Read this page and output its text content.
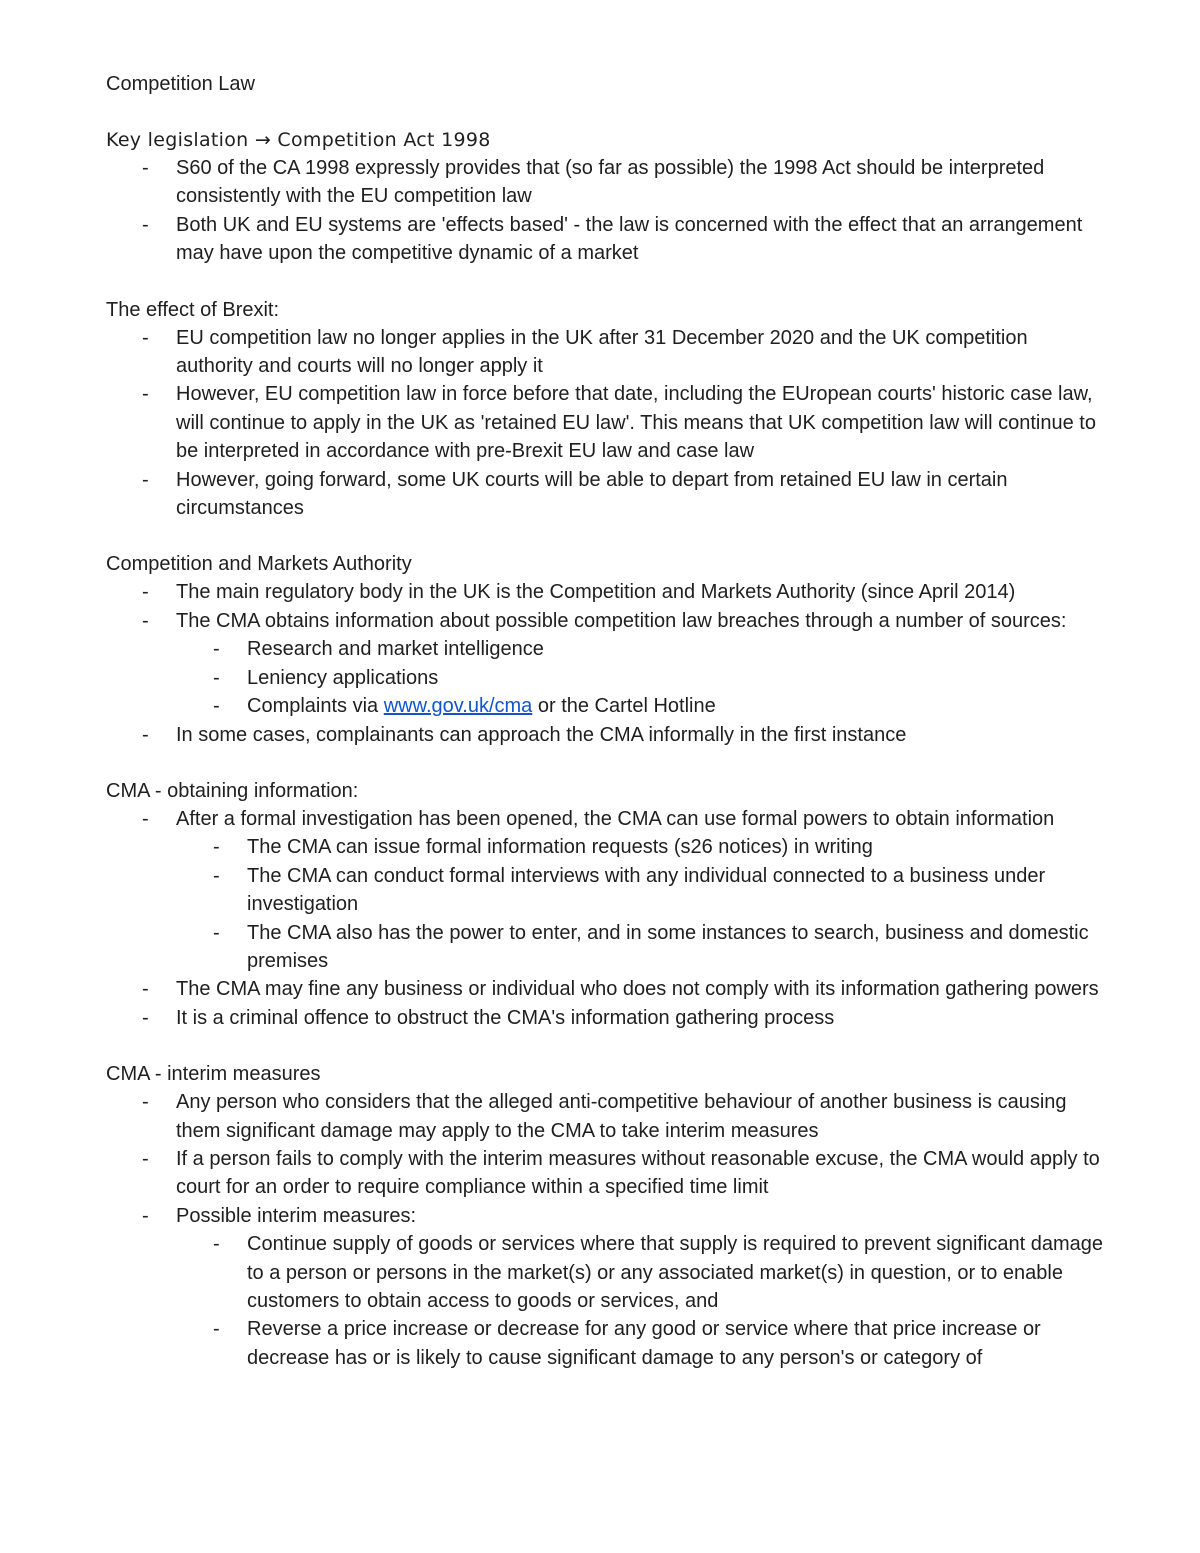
Competition Law
Key legislation → Competition Act 1998
- S60 of the CA 1998 expressly provides that (so far as possible) the 1998 Act should be interpreted consistently with the EU competition law
- Both UK and EU systems are 'effects based' - the law is concerned with the effect that an arrangement may have upon the competitive dynamic of a market
The effect of Brexit:
- EU competition law no longer applies in the UK after 31 December 2020 and the UK competition authority and courts will no longer apply it
- However, EU competition law in force before that date, including the EUropean courts' historic case law, will continue to apply in the UK as 'retained EU law'. This means that UK competition law will continue to be interpreted in accordance with pre-Brexit EU law and case law
- However, going forward, some UK courts will be able to depart from retained EU law in certain circumstances
Competition and Markets Authority
- The main regulatory body in the UK is the Competition and Markets Authority (since April 2014)
- The CMA obtains information about possible competition law breaches through a number of sources:
- Research and market intelligence
- Leniency applications
- Complaints via www.gov.uk/cma or the Cartel Hotline
- In some cases, complainants can approach the CMA informally in the first instance
CMA - obtaining information:
- After a formal investigation has been opened, the CMA can use formal powers to obtain information
- The CMA can issue formal information requests (s26 notices) in writing
- The CMA can conduct formal interviews with any individual connected to a business under investigation
- The CMA also has the power to enter, and in some instances to search, business and domestic premises
- The CMA may fine any business or individual who does not comply with its information gathering powers
- It is a criminal offence to obstruct the CMA's information gathering process
CMA - interim measures
- Any person who considers that the alleged anti-competitive behaviour of another business is causing them significant damage may apply to the CMA to take interim measures
- If a person fails to comply with the interim measures without reasonable excuse, the CMA would apply to court for an order to require compliance within a specified time limit
- Possible interim measures:
- Continue supply of goods or services where that supply is required to prevent significant damage to a person or persons in the market(s) or any associated market(s) in question, or to enable customers to obtain access to goods or services, and
- Reverse a price increase or decrease for any good or service where that price increase or decrease has or is likely to cause significant damage to any person's or category of
